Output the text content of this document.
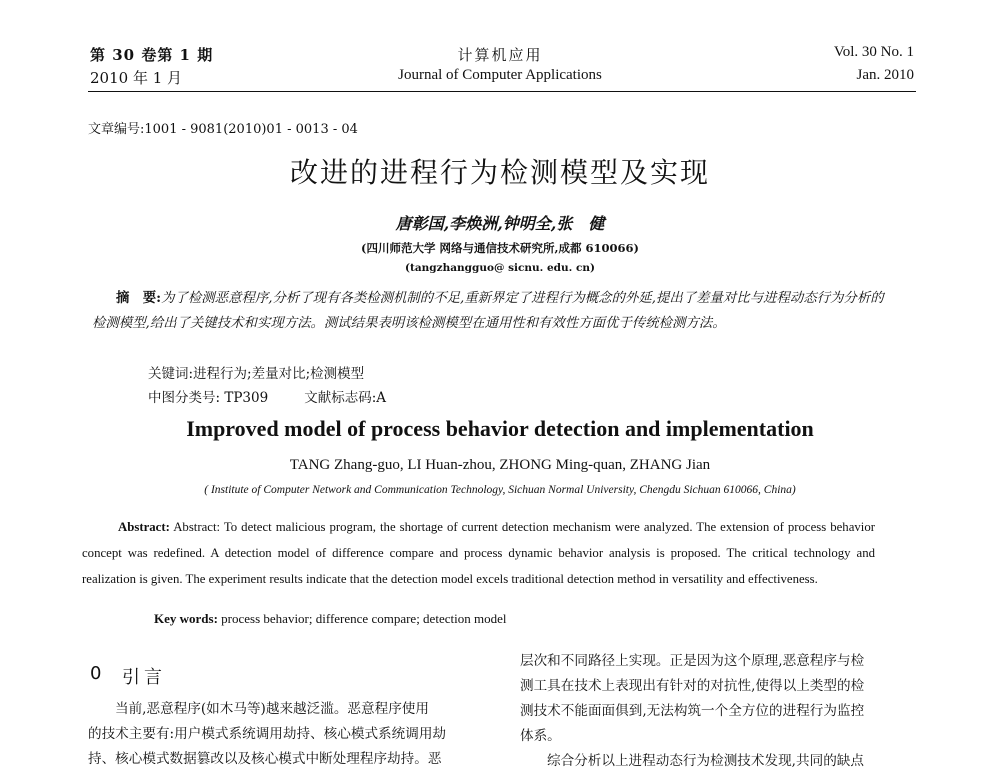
第 30 卷第 1 期
2010 年 1 月
计算机应用
Journal of Computer Applications
Vol. 30 No. 1
Jan. 2010
文章编号:1001 - 9081(2010)01 - 0013 - 04
改进的进程行为检测模型及实现
唐彰国,李焕洲,钟明全,张　健
(四川师范大学 网络与通信技术研究所,成都 610066)
(tangzhangguo@ sicnu. edu. cn)
摘　要:为了检测恶意程序,分析了现有各类检测机制的不足,重新界定了进程行为概念的外延,提出了差量对比与进程动态行为分析的检测模型,给出了关键技术和实现方法。测试结果表明该检测模型在通用性和有效性方面优于传统检测方法。
关键词:进程行为;差量对比;检测模型
中图分类号: TP309	文献标志码:A
Improved model of process behavior detection and implementation
TANG Zhang-guo, LI Huan-zhou, ZHONG Ming-quan, ZHANG Jian
( Institute of Computer Network and Communication Technology, Sichuan Normal University, Chengdu Sichuan 610066, China)
Abstract: Abstract: To detect malicious program, the shortage of current detection mechanism were analyzed. The extension of process behavior concept was redefined. A detection model of difference compare and process dynamic behavior analysis is proposed. The critical technology and realization is given. The experiment results indicate that the detection model excels traditional detection method in versatility and effectiveness.
Key words: process behavior; difference compare; detection model
0 引言
当前,恶意程序(如木马等)越来越泛滥。恶意程序使用
的技术主要有:用户模式系统调用劫持、核心模式系统调用劫
持、核心模式数据篡改以及核心模式中断处理程序劫持。恶
层次和不同路径上实现。正是因为这个原理,恶意程序与检
测工具在技术上表现出有针对的对抗性,使得以上类型的检
测技术不能面面俱到,无法构筑一个全方位的进程行为监控
体系。
综合分析以上进程动态行为检测技术发现,共同的缺点
